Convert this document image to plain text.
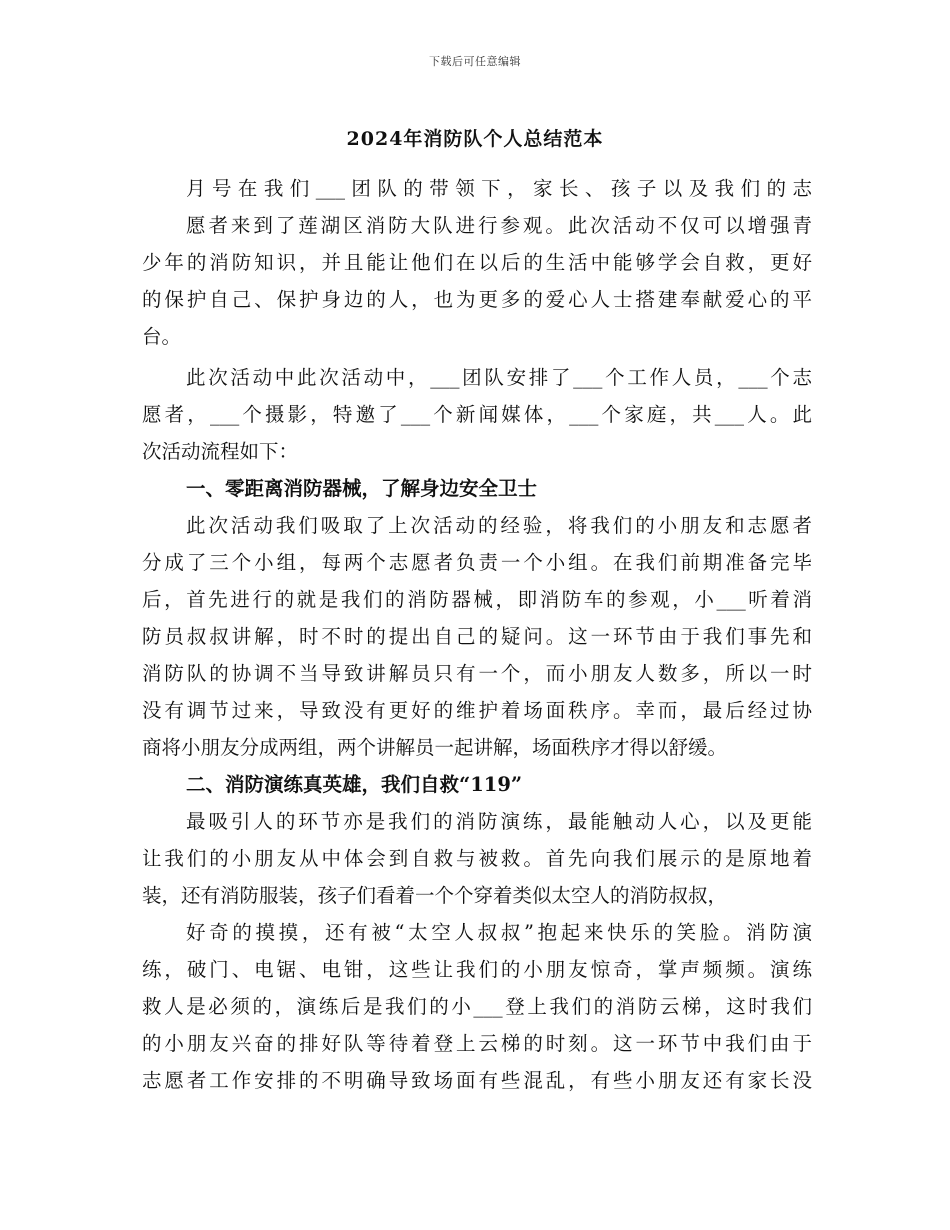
下载后可任意编辑
2024年消防队个人总结范本
月号在我们___团队的带领下，家长、孩子以及我们的志
愿者来到了莲湖区消防大队进行参观。此次活动不仅可以增强青
少年的消防知识，并且能让他们在以后的生活中能够学会自救，更好
的保护自己、保护身边的人，也为更多的爱心人士搭建奉献爱心的平
台。
此次活动中此次活动中，___团队安排了___个工作人员，___个志
愿者，___个摄影，特邀了___个新闻媒体，___个家庭，共___人。此
次活动流程如下：
一、零距离消防器械，了解身边安全卫士
此次活动我们吸取了上次活动的经验，将我们的小朋友和志愿者
分成了三个小组，每两个志愿者负责一个小组。在我们前期准备完毕
后，首先进行的就是我们的消防器械，即消防车的参观，小___听着消
防员叔叔讲解，时不时的提出自己的疑问。这一环节由于我们事先和
消防队的协调不当导致讲解员只有一个，而小朋友人数多，所以一时
没有调节过来，导致没有更好的维护着场面秩序。幸而，最后经过协
商将小朋友分成两组，两个讲解员一起讲解，场面秩序才得以舒缓。
二、消防演练真英雄，我们自救“119”
最吸引人的环节亦是我们的消防演练，最能触动人心，以及更能
让我们的小朋友从中体会到自救与被救。首先向我们展示的是原地着
装，还有消防服装，孩子们看着一个个穿着类似太空人的消防叔叔，
好奇的摸摸，还有被“太空人叔叔”抱起来快乐的笑脸。消防演
练，破门、电锯、电钳，这些让我们的小朋友惊奇，掌声频频。演练
救人是必须的，演练后是我们的小___登上我们的消防云梯，这时我们
的小朋友兴奋的排好队等待着登上云梯的时刻。这一环节中我们由于
志愿者工作安排的不明确导致场面有些混乱，有些小朋友还有家长没
